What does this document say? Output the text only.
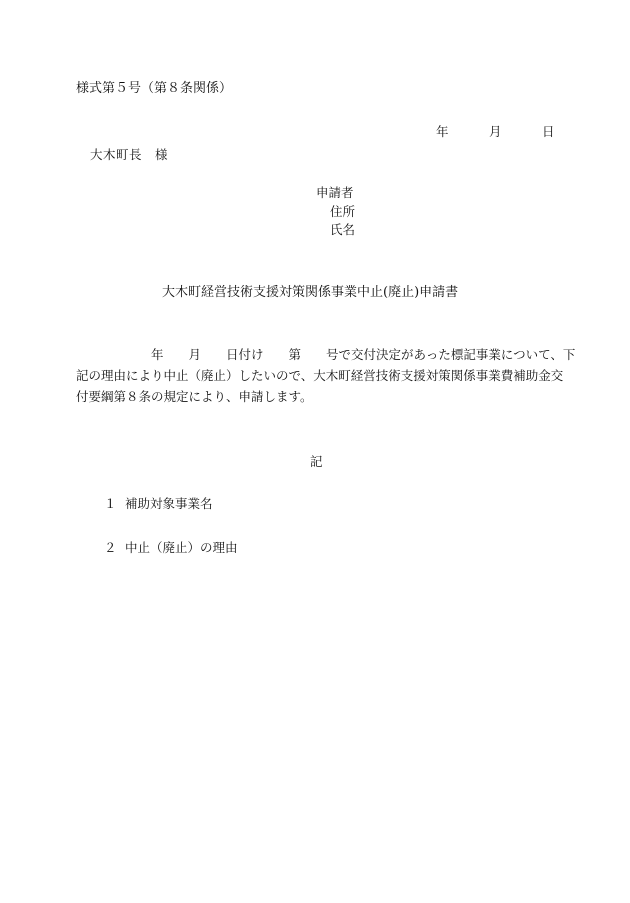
様式第５号（第８条関係）
年	月	日
大木町長　様
申請者
住所
氏名
大木町経営技術支援対策関係事業中止(廃止)申請書
　　　　　　年　　月　　日付け　　第　　号で交付決定があった標記事業について、下
記の理由により中止（廃止）したいので、大木町経営技術支援対策関係事業費補助金交
付要綱第８条の規定により、申請します。
記
１ 補助対象事業名
２ 中止（廃止）の理由
